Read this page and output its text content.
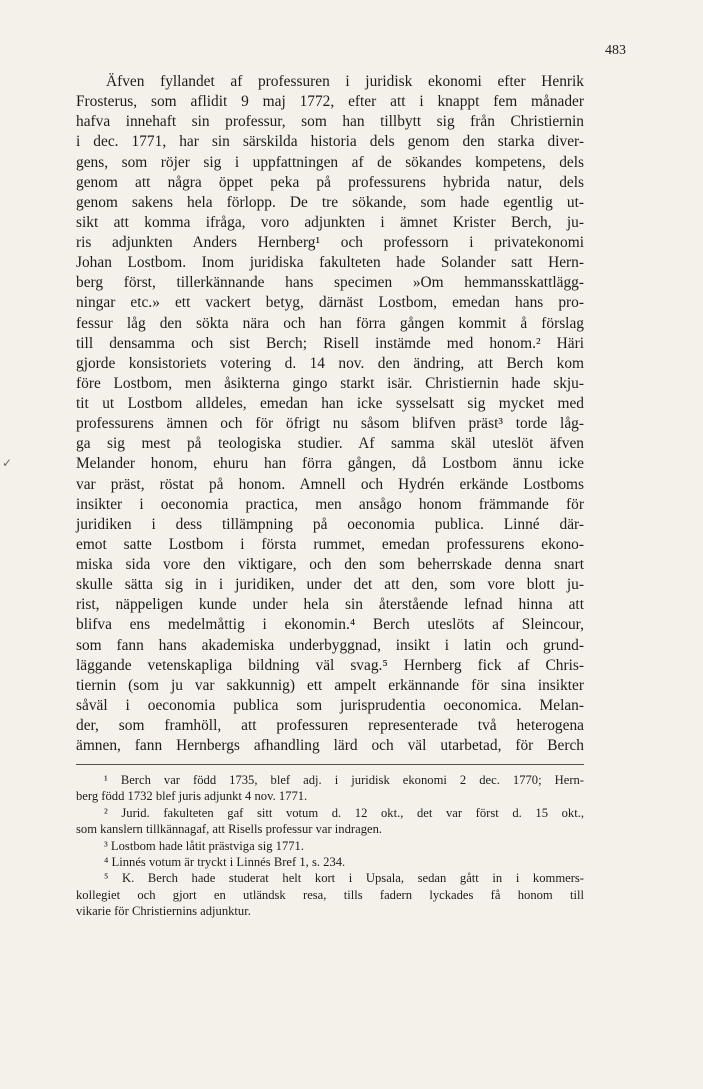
483
✓
Äfven fyllandet af professuren i juridisk ekonomi efter Henrik
Frosterus, som aflidit 9 maj 1772, efter att i knappt fem månader
hafva innehaft sin professur, som han tillbytt sig från Christiernin
i dec. 1771, har sin särskilda historia dels genom den starka diver-
gens, som röjer sig i uppfattningen af de sökandes kompetens, dels
genom att några öppet peka på professurens hybrida natur, dels
genom sakens hela förlopp. De tre sökande, som hade egentlig ut-
sikt att komma ifråga, voro adjunkten i ämnet Krister Berch, ju-
ris adjunkten Anders Hernberg¹ och professorn i privatekonomi
Johan Lostbom. Inom juridiska fakulteten hade Solander satt Hern-
berg först, tillerkännande hans specimen »Om hemmansskattlägg-
ningar etc.» ett vackert betyg, därnäst Lostbom, emedan hans pro-
fessur låg den sökta nära och han förra gången kommit å förslag
till densamma och sist Berch; Risell instämde med honom.² Häri
gjorde konsistoriets votering d. 14 nov. den ändring, att Berch kom
före Lostbom, men åsikterna gingo starkt isär. Christiernin hade skju-
tit ut Lostbom alldeles, emedan han icke sysselsatt sig mycket med
professurens ämnen och för öfrigt nu såsom blifven präst³ torde låg-
ga sig mest på teologiska studier. Af samma skäl uteslöt äfven
Melander honom, ehuru han förra gången, då Lostbom ännu icke
var präst, röstat på honom. Amnell och Hydrén erkände Lostboms
insikter i oeconomia practica, men ansågo honom främmande för
juridiken i dess tillämpning på oeconomia publica. Linné där-
emot satte Lostbom i första rummet, emedan professurens ekono-
miska sida vore den viktigare, och den som beherrskade denna snart
skulle sätta sig in i juridiken, under det att den, som vore blott ju-
rist, näppeligen kunde under hela sin återstående lefnad hinna att
blifva ens medelmåttig i ekonomin.⁴ Berch uteslöts af Sleincour,
som fann hans akademiska underbyggnad, insikt i latin och grund-
läggande vetenskapliga bildning väl svag.⁵ Hernberg fick af Chris-
tiernin (som ju var sakkunnig) ett ampelt erkännande för sina insikter
såväl i oeconomia publica som jurisprudentia oeconomica. Melan-
der, som framhöll, att professuren representerade två heterogena
ämnen, fann Hernbergs afhandling lärd och väl utarbetad, för Berch
¹ Berch var född 1735, blef adj. i juridisk ekonomi 2 dec. 1770; Hern-
berg född 1732 blef juris adjunkt 4 nov. 1771.
² Jurid. fakulteten gaf sitt votum d. 12 okt., det var först d. 15 okt.,
som kanslern tillkännagaf, att Risells professur var indragen.
³ Lostbom hade låtit prästviga sig 1771.
⁴ Linnés votum är tryckt i Linnés Bref 1, s. 234.
⁵ K. Berch hade studerat helt kort i Upsala, sedan gått in i kommers-
kollegiet och gjort en utländsk resa, tills fadern lyckades få honom till
vikarie för Christiernins adjunktur.
